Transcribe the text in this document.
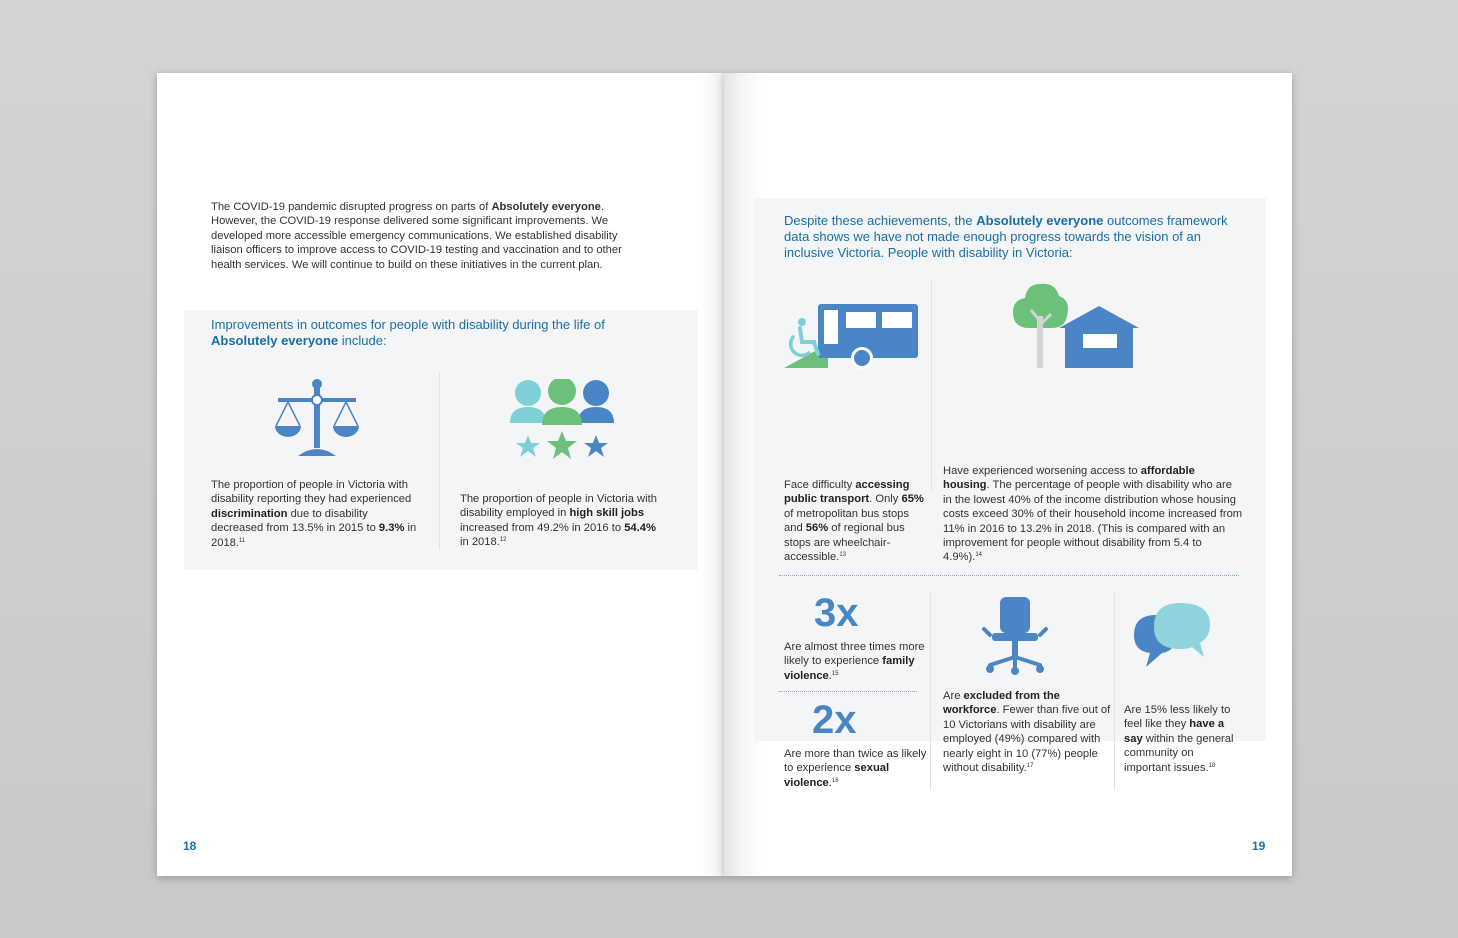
The COVID-19 pandemic disrupted progress on parts of Absolutely everyone. However, the COVID-19 response delivered some significant improvements. We developed more accessible emergency communications. We established disability liaison officers to improve access to COVID-19 testing and vaccination and to other health services. We will continue to build on these initiatives in the current plan.
Improvements in outcomes for people with disability during the life of Absolutely everyone include:
The proportion of people in Victoria with disability reporting they had experienced discrimination due to disability decreased from 13.5% in 2015 to 9.3% in 2018.11
The proportion of people in Victoria with disability employed in high skill jobs increased from 49.2% in 2016 to 54.4% in 2018.12
18
Despite these achievements, the Absolutely everyone outcomes framework data shows we have not made enough progress towards the vision of an inclusive Victoria. People with disability in Victoria:
Face difficulty accessing public transport. Only 65% of metropolitan bus stops and 56% of regional bus stops are wheelchair-accessible.$^{13}$
Have experienced worsening access to affordable housing. The percentage of people with disability who are in the lowest 40% of the income distribution whose housing costs exceed 30% of their household income increased from 11% in 2016 to 13.2% in 2018. (This is compared with an improvement for people without disability from 5.4 to 4.9%).$^{14}$
3x
Are almost three times more likely to experience family violence.$^{15}$
2x
Are more than twice as likely to experience sexual violence.$^{16}$
Are excluded from the workforce. Fewer than five out of 10 Victorians with disability are employed (49%) compared with nearly eight in 10 (77%) people without disability.$^{17}$
Are 15% less likely to feel like they have a say within the general community on important issues.$^{18}$
19
